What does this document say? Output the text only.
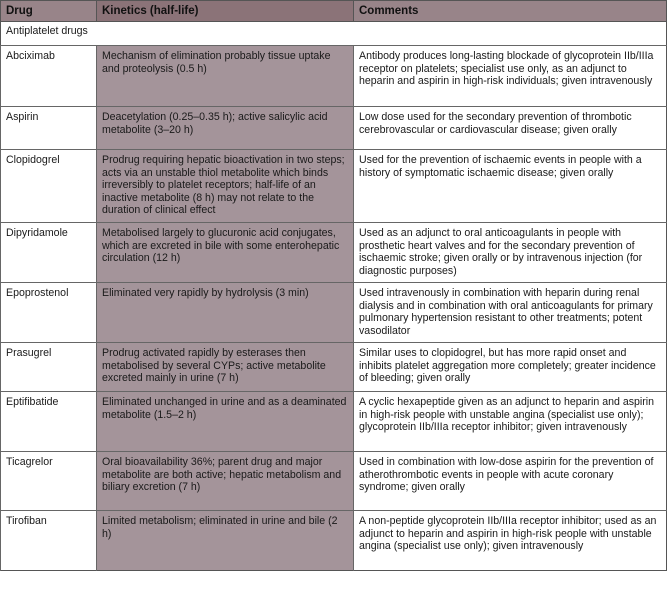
Drug	Kinetics (half-life)	Comments
Antiplatelet drugs		
Abciximab	Mechanism of elimination probably tissue uptake and proteolysis (0.5 h)	Antibody produces long-lasting blockade of glycoprotein IIb/IIIa receptor on platelets; specialist use only, as an adjunct to heparin and aspirin in high-risk individuals; given intravenously
Aspirin	Deacetylation (0.25–0.35 h); active salicylic acid metabolite (3–20 h)	Low dose used for the secondary prevention of thrombotic cerebrovascular or cardiovascular disease; given orally
Clopidogrel	Prodrug requiring hepatic bioactivation in two steps; acts via an unstable thiol metabolite which binds irreversibly to platelet receptors; half-life of an inactive metabolite (8 h) may not relate to the duration of clinical effect	Used for the prevention of ischaemic events in people with a history of symptomatic ischaemic disease; given orally
Dipyridamole	Metabolised largely to glucuronic acid conjugates, which are excreted in bile with some enterohepatic circulation (12 h)	Used as an adjunct to oral anticoagulants in people with prosthetic heart valves and for the secondary prevention of ischaemic stroke; given orally or by intravenous injection (for diagnostic purposes)
Epoprostenol	Eliminated very rapidly by hydrolysis (3 min)	Used intravenously in combination with heparin during renal dialysis and in combination with oral anticoagulants for primary pulmonary hypertension resistant to other treatments; potent vasodilator
Prasugrel	Prodrug activated rapidly by esterases then metabolised by several CYPs; active metabolite excreted mainly in urine (7 h)	Similar uses to clopidogrel, but has more rapid onset and inhibits platelet aggregation more completely; greater incidence of bleeding; given orally
Eptifibatide	Eliminated unchanged in urine and as a deaminated metabolite (1.5–2 h)	A cyclic hexapeptide given as an adjunct to heparin and aspirin in high-risk people with unstable angina (specialist use only); glycoprotein IIb/IIIa receptor inhibitor; given intravenously
Ticagrelor	Oral bioavailability 36%; parent drug and major metabolite are both active; hepatic metabolism and biliary excretion (7 h)	Used in combination with low-dose aspirin for the prevention of atherothrombotic events in people with acute coronary syndrome; given orally
Tirofiban	Limited metabolism; eliminated in urine and bile (2 h)	A non-peptide glycoprotein IIb/IIIa receptor inhibitor; used as an adjunct to heparin and aspirin in high-risk people with unstable angina (specialist use only); given intravenously
